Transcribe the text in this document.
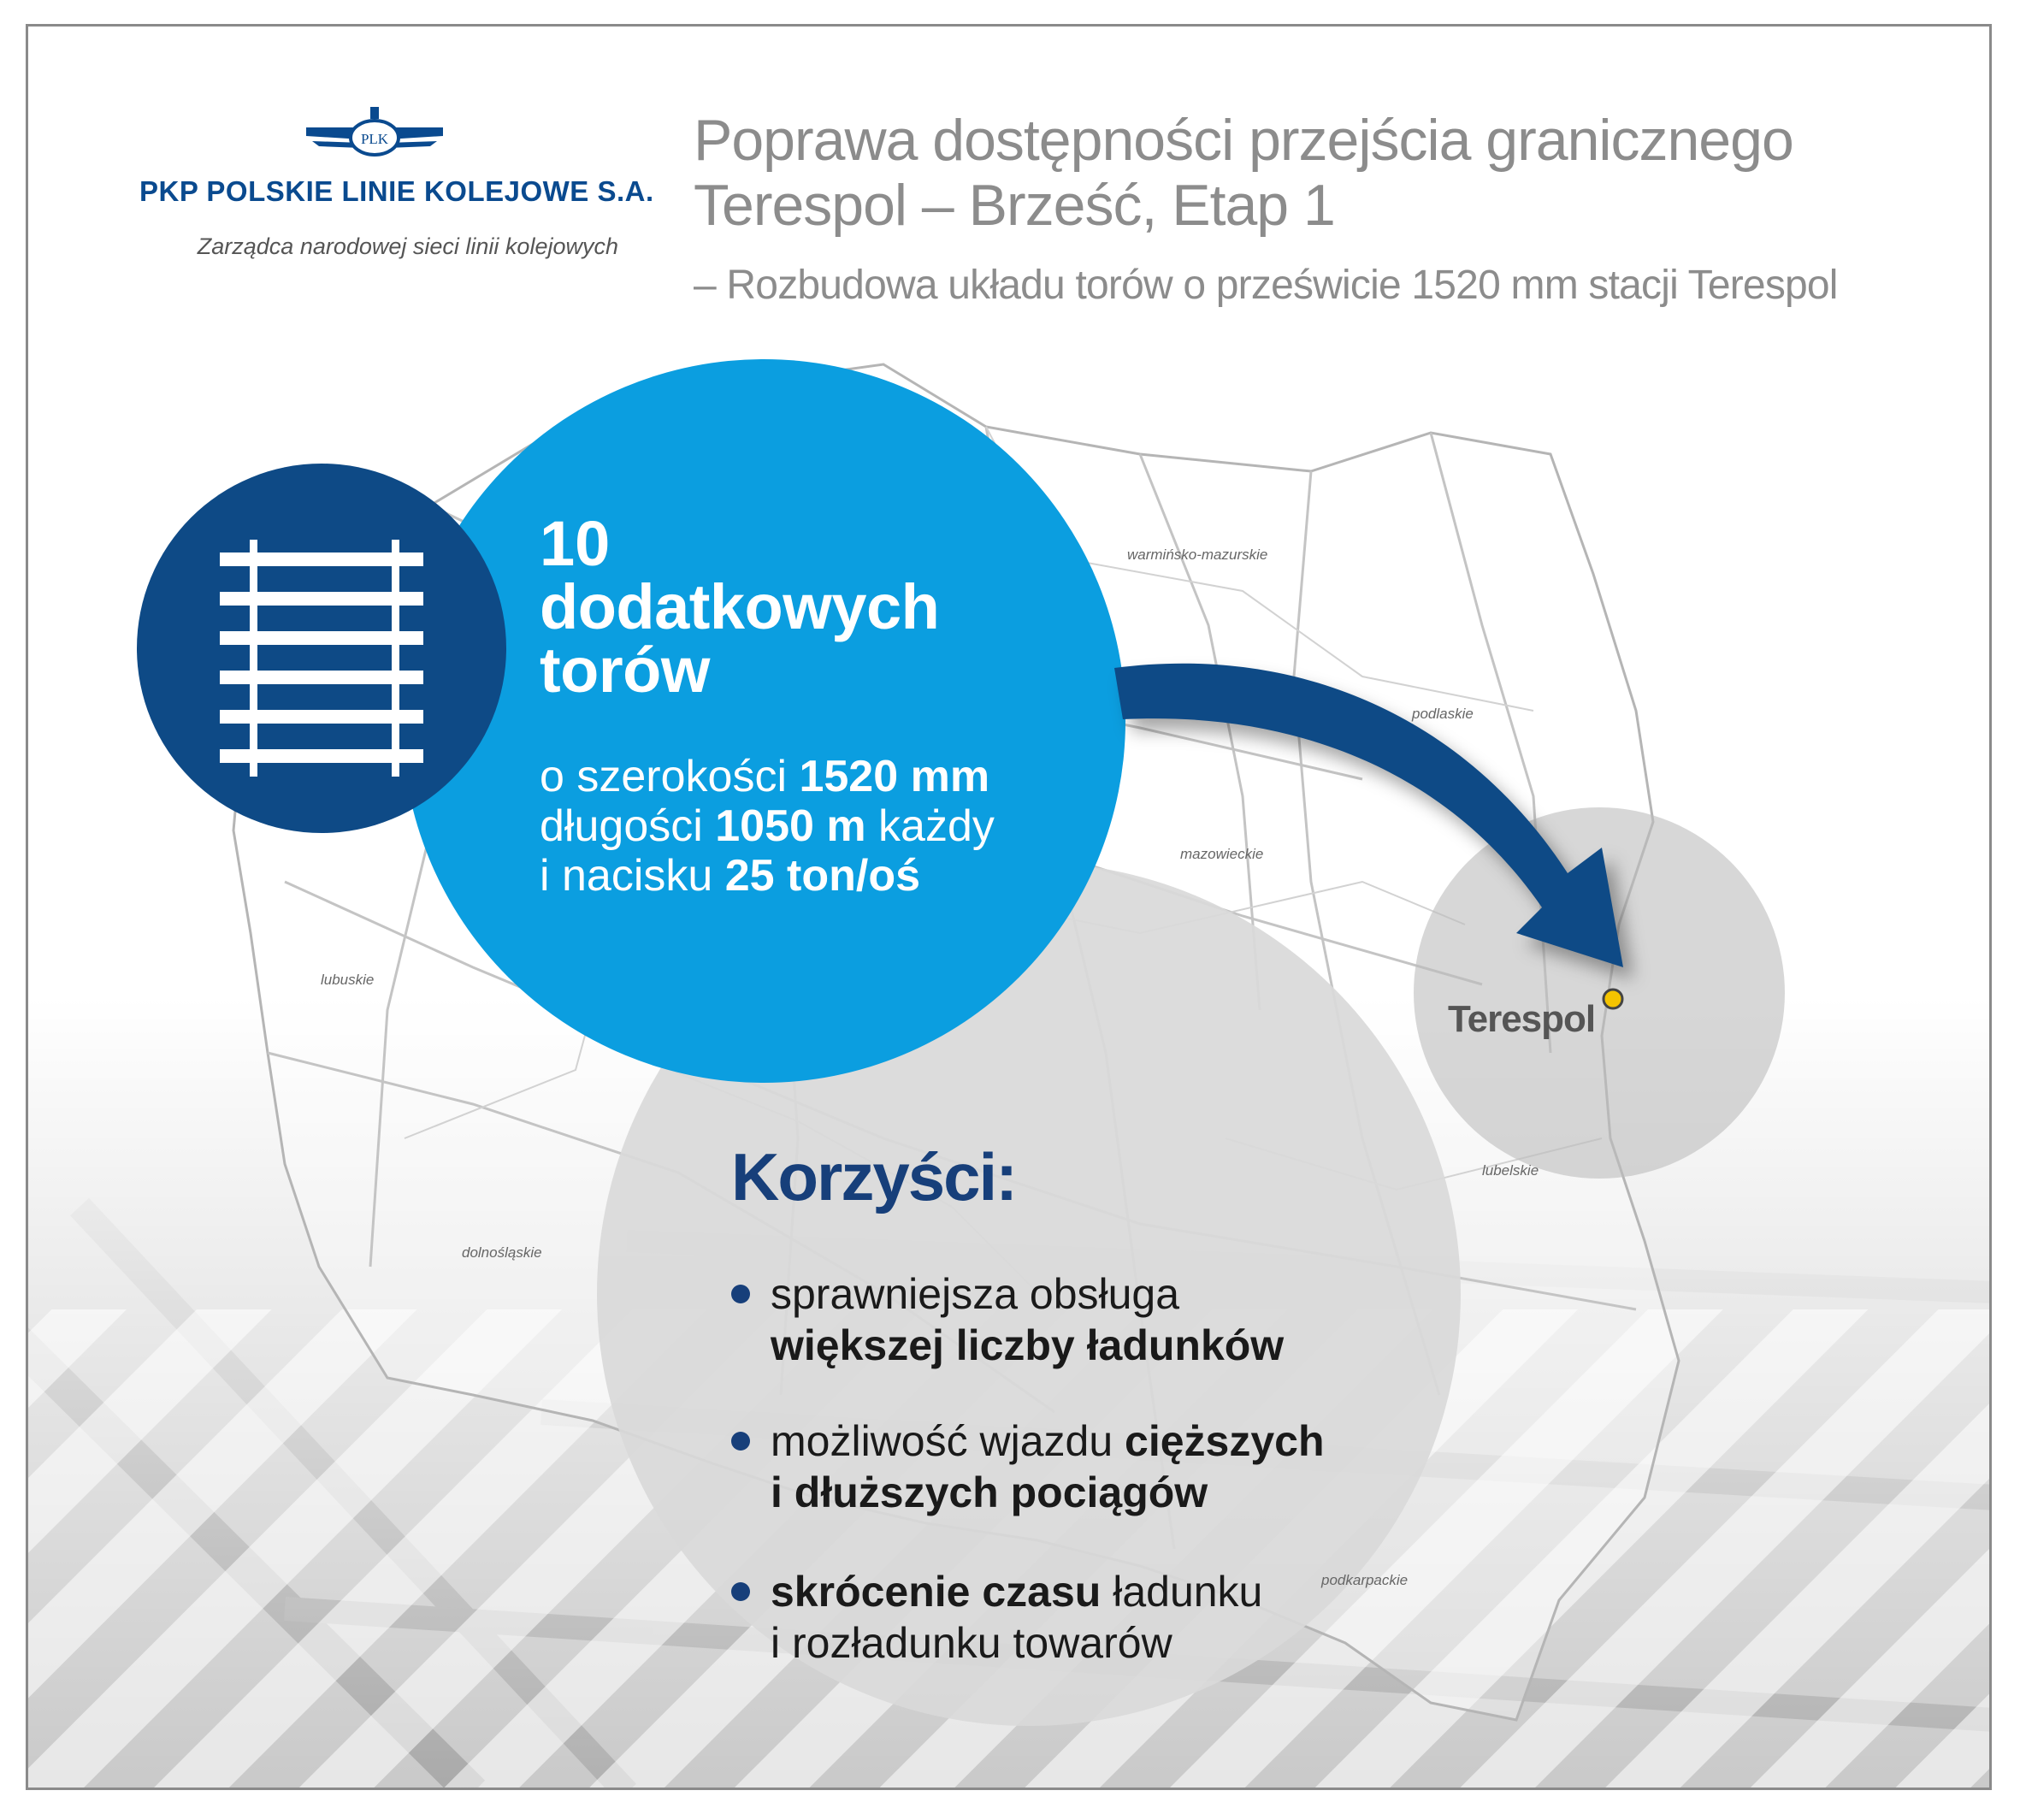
warmińsko-mazurskie
podlaskie
mazowieckie
lubuskie
lubelskie
dolnośląskie
podkarpackie
Terespol
PLK
PKP POLSKIE LINIE KOLEJOWE S.A.
Zarządca narodowej sieci linii kolejowych
Poprawa dostępności przejścia granicznego
Terespol – Brześć, Etap 1
– Rozbudowa układu torów o prześwicie 1520 mm stacji Terespol
10
dodatkowych
torów
o szerokości 1520 mm
długości 1050 m każdy
i nacisku 25 ton/oś
Korzyści:
sprawniejsza obsługa
większej liczby ładunków
możliwość wjazdu cięższych
i dłuższych pociągów
skrócenie czasu ładunku
i rozładunku towarów
